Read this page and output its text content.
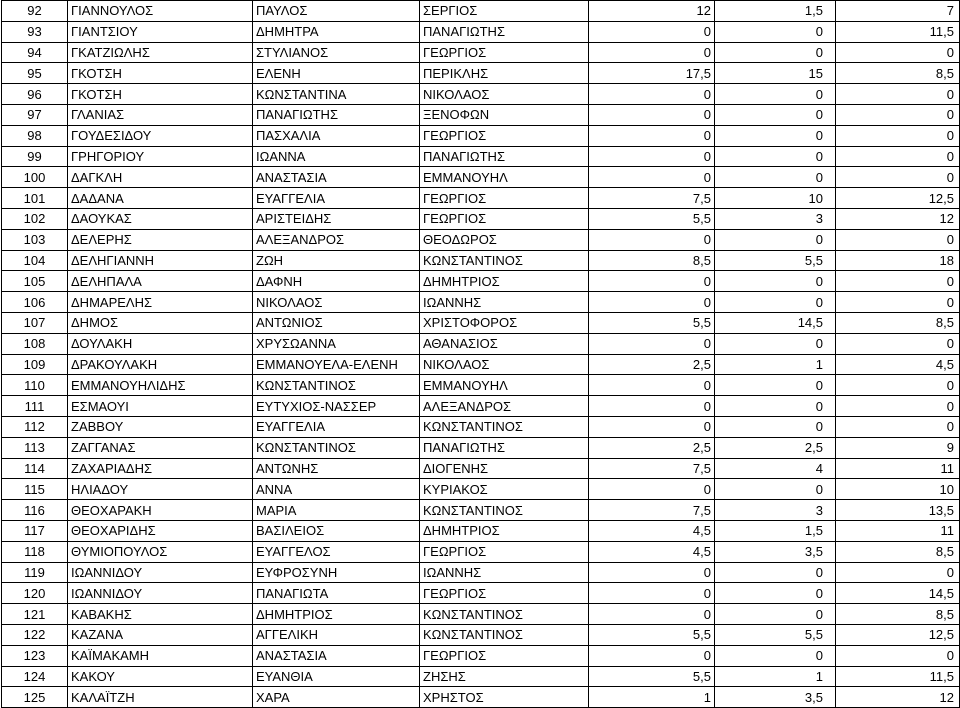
92	ΓΙΑΝΝΟΥΛΟΣ	ΠΑΥΛΟΣ	ΣΕΡΓΙΟΣ	12	1,5	7
93	ΓΙΑΝΤΣΙΟΥ	ΔΗΜΗΤΡΑ	ΠΑΝΑΓΙΩΤΗΣ	0	0	11,5
94	ΓΚΑΤΖΙΩΛΗΣ	ΣΤΥΛΙΑΝΟΣ	ΓΕΩΡΓΙΟΣ	0	0	0
95	ΓΚΟΤΣΗ	ΕΛΕΝΗ	ΠΕΡΙΚΛΗΣ	17,5	15	8,5
96	ΓΚΟΤΣΗ	ΚΩΝΣΤΑΝΤΙΝΑ	ΝΙΚΟΛΑΟΣ	0	0	0
97	ΓΛΑΝΙΑΣ	ΠΑΝΑΓΙΩΤΗΣ	ΞΕΝΟΦΩΝ	0	0	0
98	ΓΟΥΔΕΣΙΔΟΥ	ΠΑΣΧΑΛΙΑ	ΓΕΩΡΓΙΟΣ	0	0	0
99	ΓΡΗΓΟΡΙΟΥ	ΙΩΑΝΝΑ	ΠΑΝΑΓΙΩΤΗΣ	0	0	0
100	ΔΑΓΚΛΗ	ΑΝΑΣΤΑΣΙΑ	ΕΜΜΑΝΟΥΗΛ	0	0	0
101	ΔΑΔΑΝΑ	ΕΥΑΓΓΕΛΙΑ	ΓΕΩΡΓΙΟΣ	7,5	10	12,5
102	ΔΑΟΥΚΑΣ	ΑΡΙΣΤΕΙΔΗΣ	ΓΕΩΡΓΙΟΣ	5,5	3	12
103	ΔΕΛΕΡΗΣ	ΑΛΕΞΑΝΔΡΟΣ	ΘΕΟΔΩΡΟΣ	0	0	0
104	ΔΕΛΗΓΙΑΝΝΗ	ΖΩΗ	ΚΩΝΣΤΑΝΤΙΝΟΣ	8,5	5,5	18
105	ΔΕΛΗΠΑΛΑ	ΔΑΦΝΗ	ΔΗΜΗΤΡΙΟΣ	0	0	0
106	ΔΗΜΑΡΕΛΗΣ	ΝΙΚΟΛΑΟΣ	ΙΩΑΝΝΗΣ	0	0	0
107	ΔΗΜΟΣ	ΑΝΤΩΝΙΟΣ	ΧΡΙΣΤΟΦΟΡΟΣ	5,5	14,5	8,5
108	ΔΟΥΛΑΚΗ	ΧΡΥΣΩΑΝΝΑ	ΑΘΑΝΑΣΙΟΣ	0	0	0
109	ΔΡΑΚΟΥΛΑΚΗ	ΕΜΜΑΝΟΥΕΛΑ-ΕΛΕΝΗ	ΝΙΚΟΛΑΟΣ	2,5	1	4,5
110	ΕΜΜΑΝΟΥΗΛΙΔΗΣ	ΚΩΝΣΤΑΝΤΙΝΟΣ	ΕΜΜΑΝΟΥΗΛ	0	0	0
111	ΕΣΜΑΟΥΙ	ΕΥΤΥΧΙΟΣ-ΝΑΣΣΕΡ	ΑΛΕΞΑΝΔΡΟΣ	0	0	0
112	ΖΑΒΒΟΥ	ΕΥΑΓΓΕΛΙΑ	ΚΩΝΣΤΑΝΤΙΝΟΣ	0	0	0
113	ΖΑΓΓΑΝΑΣ	ΚΩΝΣΤΑΝΤΙΝΟΣ	ΠΑΝΑΓΙΩΤΗΣ	2,5	2,5	9
114	ΖΑΧΑΡΙΑΔΗΣ	ΑΝΤΩΝΗΣ	ΔΙΟΓΕΝΗΣ	7,5	4	11
115	ΗΛΙΑΔΟΥ	ΑΝΝΑ	ΚΥΡΙΑΚΟΣ	0	0	10
116	ΘΕΟΧΑΡΑΚΗ	ΜΑΡΙΑ	ΚΩΝΣΤΑΝΤΙΝΟΣ	7,5	3	13,5
117	ΘΕΟΧΑΡΙΔΗΣ	ΒΑΣΙΛΕΙΟΣ	ΔΗΜΗΤΡΙΟΣ	4,5	1,5	11
118	ΘΥΜΙΟΠΟΥΛΟΣ	ΕΥΑΓΓΕΛΟΣ	ΓΕΩΡΓΙΟΣ	4,5	3,5	8,5
119	ΙΩΑΝΝΙΔΟΥ	ΕΥΦΡΟΣΥΝΗ	ΙΩΑΝΝΗΣ	0	0	0
120	ΙΩΑΝΝΙΔΟΥ	ΠΑΝΑΓΙΩΤΑ	ΓΕΩΡΓΙΟΣ	0	0	14,5
121	ΚΑΒΑΚΗΣ	ΔΗΜΗΤΡΙΟΣ	ΚΩΝΣΤΑΝΤΙΝΟΣ	0	0	8,5
122	ΚΑΖΑΝΑ	ΑΓΓΕΛΙΚΗ	ΚΩΝΣΤΑΝΤΙΝΟΣ	5,5	5,5	12,5
123	ΚΑΪΜΑΚΑΜΗ	ΑΝΑΣΤΑΣΙΑ	ΓΕΩΡΓΙΟΣ	0	0	0
124	ΚΑΚΟΥ	ΕΥΑΝΘΙΑ	ΖΗΣΗΣ	5,5	1	11,5
125	ΚΑΛΑΪΤΖΗ	ΧΑΡΑ	ΧΡΗΣΤΟΣ	1	3,5	12
